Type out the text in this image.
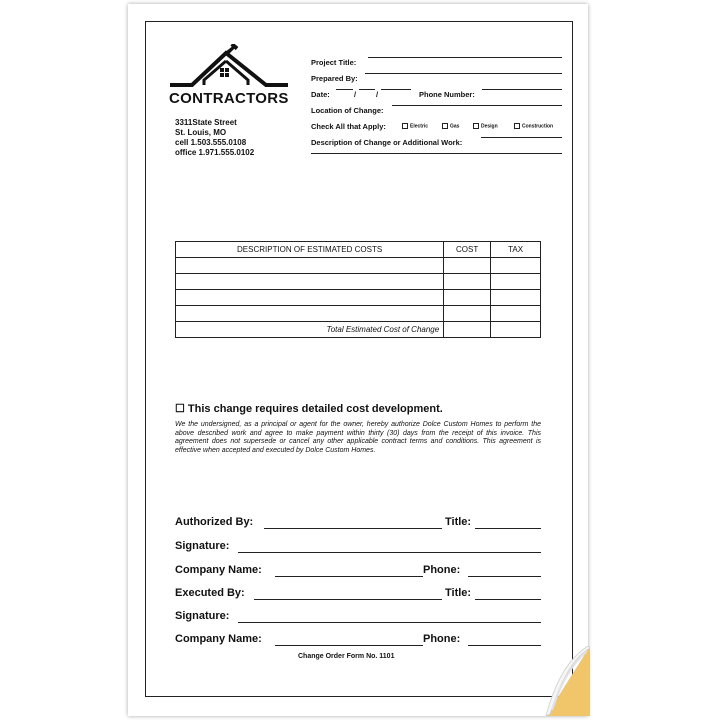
CONTRACTORS
3311State Street
St. Louis, MO
cell 1.503.555.0108
office 1.971.555.0102
Project Title:
Prepared By:
Date:	/	/	Phone Number:
Location of Change:
Check All that Apply:	Electric	Gas	Design	Construction
Description of Change or Additional Work:
DESCRIPTION OF ESTIMATED COSTS	COST	TAX

Total Estimated Cost of Change		
☐ This change requires detailed cost development.
We the undersigned, as a principal or agent for the owner, hereby authorize Dolce Custom Homes to perform the above described work and agree to make payment within thirty (30) days from the receipt of this invoice. This agreement does not supersede or cancel any other applicable contract terms and conditions. This agreement is effective when accepted and executed by Dolce Custom Homes.
Authorized By:	Title:
Signature:
Company Name:	Phone:
Executed By:	Title:
Signature:
Company Name:	Phone:
Change Order Form No. 1101
